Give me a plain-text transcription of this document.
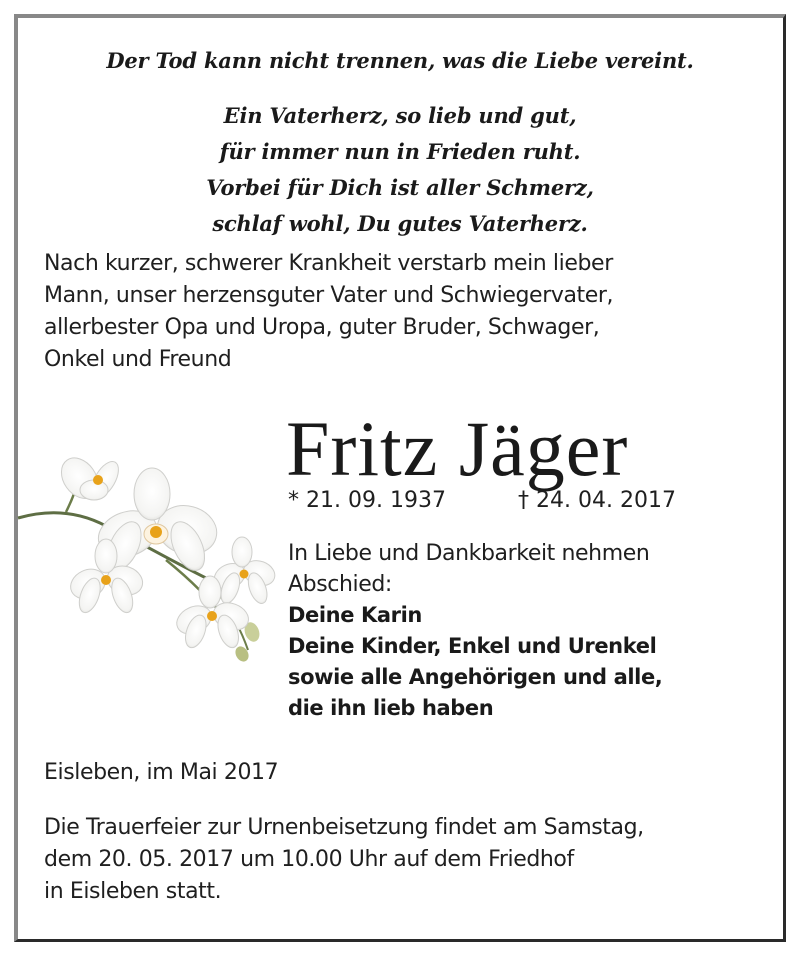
Der Tod kann nicht trennen, was die Liebe vereint.
Ein Vaterherz, so lieb und gut,
für immer nun in Frieden ruht.
Vorbei für Dich ist aller Schmerz,
schlaf wohl, Du gutes Vaterherz.
Nach kurzer, schwerer Krankheit verstarb mein lieber
Mann, unser herzensguter Vater und Schwiegervater,
allerbester Opa und Uropa, guter Bruder, Schwager,
Onkel und Freund
Fritz Jäger
* 21. 09. 1937	† 24. 04. 2017
In Liebe und Dankbarkeit nehmen
Abschied:
Deine Karin
Deine Kinder, Enkel und Urenkel
sowie alle Angehörigen und alle,
die ihn lieb haben
Eisleben, im Mai 2017
Die Trauerfeier zur Urnenbeisetzung findet am Samstag,
dem 20. 05. 2017 um 10.00 Uhr auf dem Friedhof
in Eisleben statt.
